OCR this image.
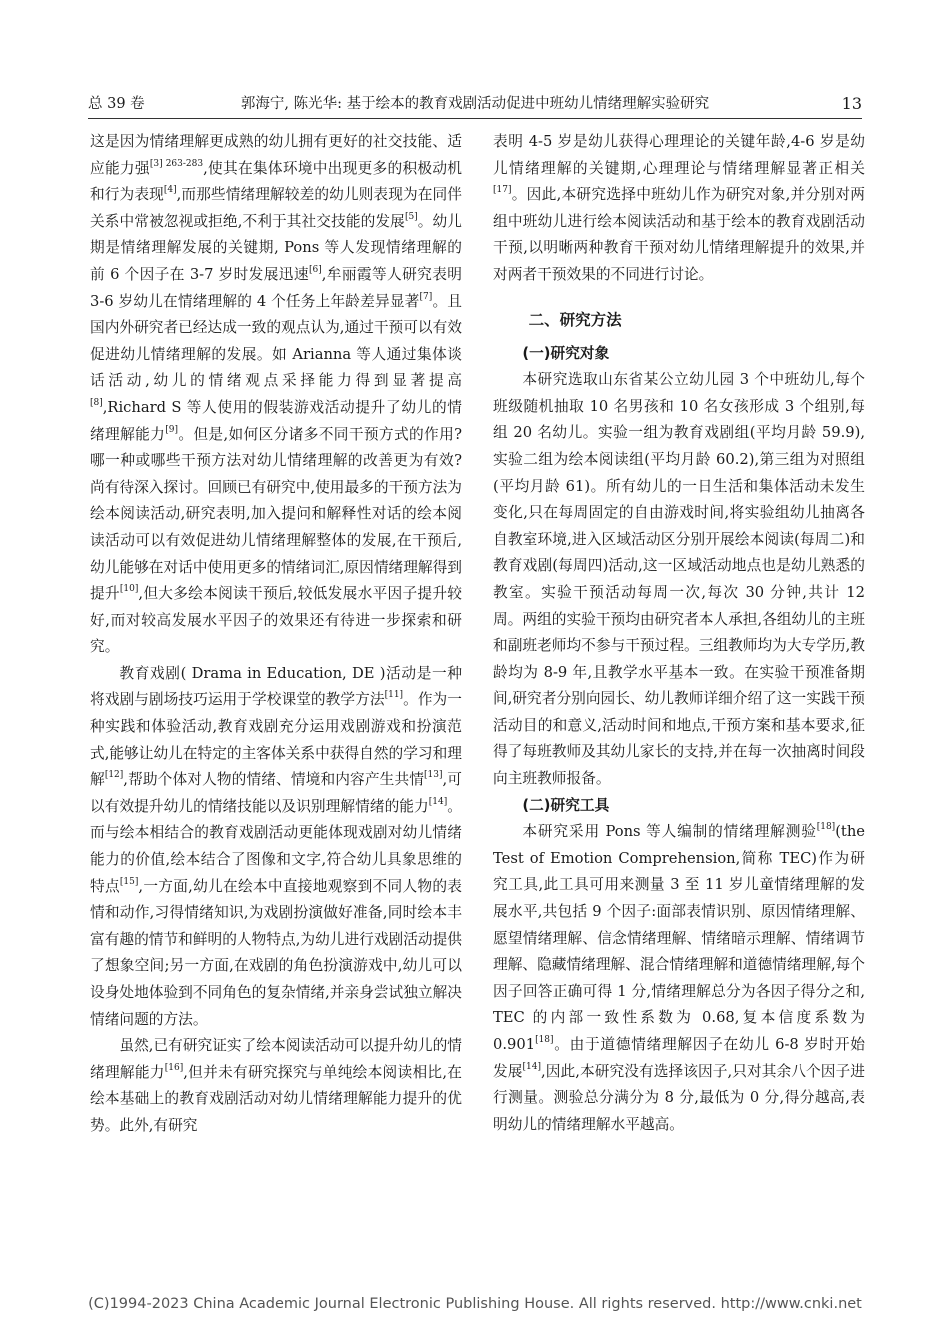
总 39 卷	郭海宁, 陈光华: 基于绘本的教育戏剧活动促进中班幼儿情绪理解实验研究	13

这是因为情绪理解更成熟的幼儿拥有更好的社交技能、适应能力强$^{[3] 263-283}$,使其在集体环境中出现更多的积极动机和行为表现[4],而那些情绪理解较差的幼儿则表现为在同伴关系中常被忽视或拒绝,不利于其社交技能的发展[5]。幼儿期是情绪理解发展的关键期, Pons 等人发现情绪理解的前 6 个因子在 3-7 岁时发展迅速[6],牟丽霞等人研究表明 3-6 岁幼儿在情绪理解的 4 个任务上年龄差异显著[7]。且国内外研究者已经达成一致的观点认为,通过干预可以有效促进幼儿情绪理解的发展。如 Arianna 等人通过集体谈话活动,幼儿的情绪观点采择能力得到显著提高[8],Richard S 等人使用的假装游戏活动提升了幼儿的情绪理解能力[9]。但是,如何区分诸多不同干预方式的作用? 哪一种或哪些干预方法对幼儿情绪理解的改善更为有效? 尚有待深入探讨。回顾已有研究中,使用最多的干预方法为绘本阅读活动,研究表明,加入提问和解释性对话的绘本阅读活动可以有效促进幼儿情绪理解整体的发展,在干预后,幼儿能够在对话中使用更多的情绪词汇,原因情绪理解得到提升[10],但大多绘本阅读干预后,较低发展水平因子提升较好,而对较高发展水平因子的效果还有待进一步探索和研究。

教育戏剧( Drama in Education, DE )活动是一种将戏剧与剧场技巧运用于学校课堂的教学方法[11]。作为一种实践和体验活动,教育戏剧充分运用戏剧游戏和扮演范式,能够让幼儿在特定的主客体关系中获得自然的学习和理解[12],帮助个体对人物的情绪、情境和内容产生共情[13],可以有效提升幼儿的情绪技能以及识别理解情绪的能力[14]。而与绘本相结合的教育戏剧活动更能体现戏剧对幼儿情绪能力的价值,绘本结合了图像和文字,符合幼儿具象思维的特点[15],一方面,幼儿在绘本中直接地观察到不同人物的表情和动作,习得情绪知识,为戏剧扮演做好准备,同时绘本丰富有趣的情节和鲜明的人物特点,为幼儿进行戏剧活动提供了想象空间;另一方面,在戏剧的角色扮演游戏中,幼儿可以设身处地体验到不同角色的复杂情绪,并亲身尝试独立解决情绪问题的方法。

虽然,已有研究证实了绘本阅读活动可以提升幼儿的情绪理解能力[16],但并未有研究探究与单纯绘本阅读相比,在绘本基础上的教育戏剧活动对幼儿情绪理解能力提升的优势。此外,有研究

表明 4-5 岁是幼儿获得心理理论的关键年龄,4-6 岁是幼儿情绪理解的关键期,心理理论与情绪理解显著正相关[17]。因此,本研究选择中班幼儿作为研究对象,并分别对两组中班幼儿进行绘本阅读活动和基于绘本的教育戏剧活动干预,以明晰两种教育干预对幼儿情绪理解提升的效果,并对两者干预效果的不同进行讨论。

二、研究方法
(一)研究对象

本研究选取山东省某公立幼儿园 3 个中班幼儿,每个班级随机抽取 10 名男孩和 10 名女孩形成 3 个组别,每组 20 名幼儿。实验一组为教育戏剧组(平均月龄 59.9),实验二组为绘本阅读组(平均月龄 60.2),第三组为对照组(平均月龄 61)。所有幼儿的一日生活和集体活动未发生变化,只在每周固定的自由游戏时间,将实验组幼儿抽离各自教室环境,进入区域活动区分别开展绘本阅读(每周二)和教育戏剧(每周四)活动,这一区域活动地点也是幼儿熟悉的教室。实验干预活动每周一次,每次 30 分钟,共计 12 周。两组的实验干预均由研究者本人承担,各组幼儿的主班和副班老师均不参与干预过程。三组教师均为大专学历,教龄均为 8-9 年,且教学水平基本一致。在实验干预准备期间,研究者分别向园长、幼儿教师详细介绍了这一实践干预活动目的和意义,活动时间和地点,干预方案和基本要求,征得了每班教师及其幼儿家长的支持,并在每一次抽离时间段向主班教师报备。

(二)研究工具

本研究采用 Pons 等人编制的情绪理解测验[18](the Test of Emotion Comprehension,简称 TEC)作为研究工具,此工具可用来测量 3 至 11 岁儿童情绪理解的发展水平,共包括 9 个因子:面部表情识别、原因情绪理解、愿望情绪理解、信念情绪理解、情绪暗示理解、情绪调节理解、隐藏情绪理解、混合情绪理解和道德情绪理解,每个因子回答正确可得 1 分,情绪理解总分为各因子得分之和, TEC 的内部一致性系数为 0.68,复本信度系数为 0.901[18]。由于道德情绪理解因子在幼儿 6-8 岁时开始发展[14],因此,本研究没有选择该因子,只对其余八个因子进行测量。测验总分满分为 8 分,最低为 0 分,得分越高,表明幼儿的情绪理解水平越高。

(C)1994-2023 China Academic Journal Electronic Publishing House. All rights reserved. http://www.cnki.net
